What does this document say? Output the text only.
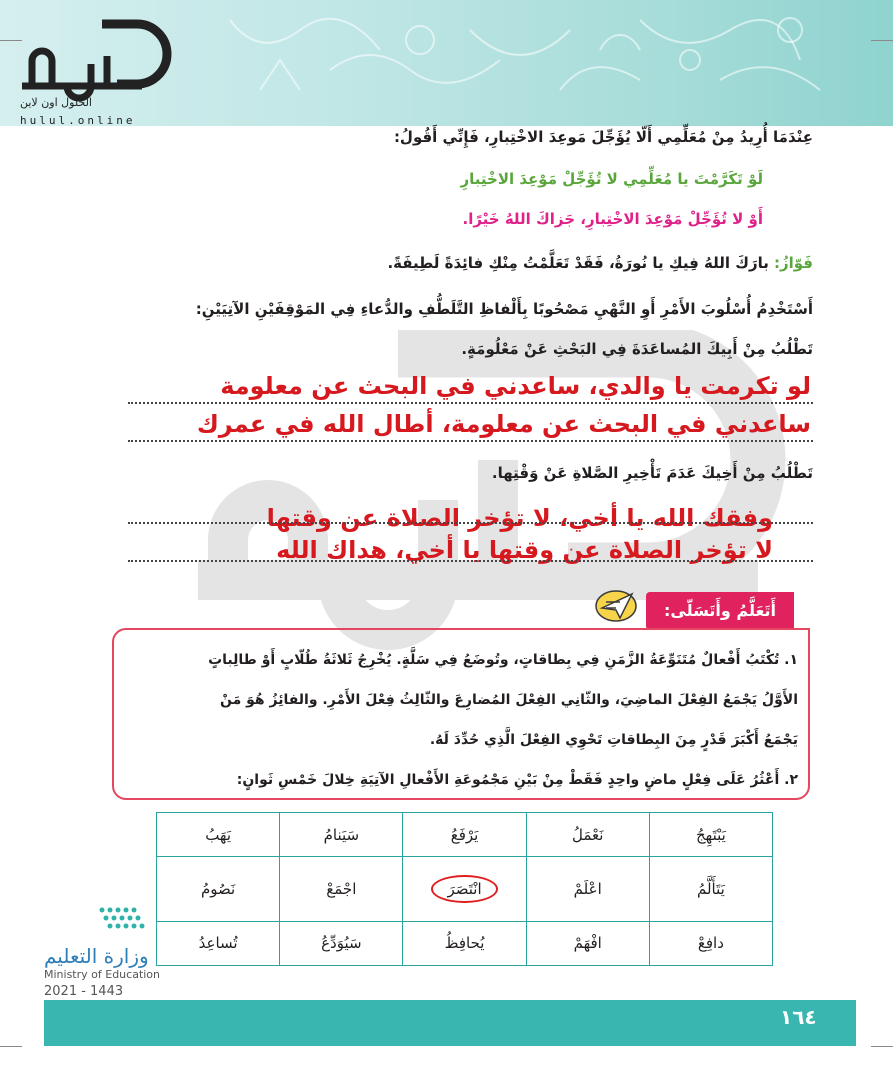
الحلول اون لاين
hulul.online
عِنْدَمَا أُرِيدُ مِنْ مُعَلِّمِي أَلّا يُؤَجِّلَ مَوعِدَ الاخْتِبارِ، فَإِنِّي أَقُولُ:
لَوْ تَكَرَّمْتَ يا مُعَلِّمِي لا تُؤَجِّلْ مَوْعِدَ الاخْتِبارِ
أَوْ لا تُؤَجِّلْ مَوْعِدَ الاخْتِبارِ، جَزاكَ اللهُ خَيْرًا.
فَوّازُ: بارَكَ اللهُ فِيكِ يا نُورَةُ، فَقَدْ تَعَلَّمْتُ مِنْكِ فائِدَةً لَطِيفَةً.
أَسْتَخْدِمُ أُسْلُوبَ الأَمْرِ أَوِ النَّهْيِ مَصْحُوبًا بِأَلْفاظِ التَّلَطُّفِ والدُّعاءِ فِي المَوْقِفَيْنِ الآتِيَيْنِ:
تَطْلُبُ مِنْ أَبِيكَ المُساعَدَةَ فِي البَحْثِ عَنْ مَعْلُومَةٍ.
لو تكرمت يا والدي، ساعدني في البحث عن معلومة
ساعدني في البحث عن معلومة، أطال الله في عمرك
تَطْلُبُ مِنْ أَخِيكَ عَدَمَ تَأْخِيرِ الصَّلاةِ عَنْ وَقْتِها.
وفقك الله يا أخي، لا تؤخر الصلاة عن وقتها
لا تؤخر الصلاة عن وقتها يا أخي، هداك الله
أَتَعَلَّمُ وأَتَسَلّى:
١. تُكْتَبُ أَفْعالٌ مُتَنَوِّعَةُ الزَّمَنِ فِي بِطاقاتٍ، وتُوضَعُ فِي سَلَّةٍ. يُخْرِجُ ثَلاثَةُ طُلّابٍ أَوْ طالِباتٍ
الأَوَّلُ يَجْمَعُ الفِعْلَ الماضِيَ، والثّانِي الفِعْلَ المُضارِعَ والثّالِثُ فِعْلَ الأَمْرِ. والفائِزُ هُوَ مَنْ
يَجْمَعُ أَكْبَرَ قَدْرٍ مِنَ البِطاقاتِ تَحْوِي الفِعْلَ الَّذِي حُدِّدَ لَهُ.
٢. أَعْثُرُ عَلَى فِعْلٍ ماضٍ واحِدٍ فَقَطْ مِنْ بَيْنِ مَجْمُوعَةِ الأَفْعالِ الآتِيَةِ خِلالَ خَمْسِ ثَوانٍ:
يَبْتَهِجُ	نَعْمَلُ	يَرْفَعُ	سَيَنامُ	يَهَبُ
يَتَأَلَّمُ	اعْلَمْ	انْتَصَرَ	اجْمَعْ	نَصُومُ
دافِعْ	افْهَمْ	يُحافِظُ	سَيُوَدِّعُ	تُساعِدُ
وزارة التعليم
Ministry of Education
2021 - 1443
١٦٤
